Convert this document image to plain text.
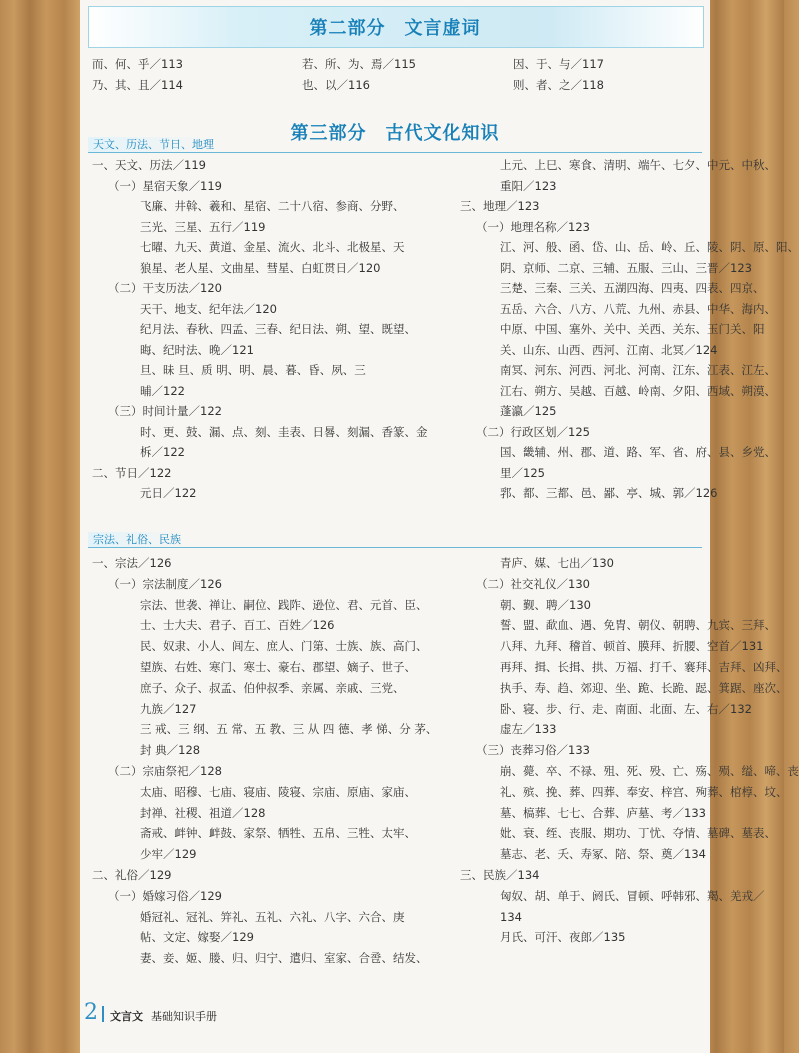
第二部分　文言虚词
而、何、乎／113	若、所、为、焉／115	因、于、与／117
乃、其、且／114	也、以／116	则、者、之／118
第三部分　古代文化知识
天文、历法、节日、地理
一、天文、历法／119
（一）星宿天象／119
飞廉、井斡、羲和、星宿、二十八宿、参商、分野、
三光、三星、五行／119
七曜、九天、黄道、金星、流火、北斗、北极星、天
狼星、老人星、文曲星、彗星、白虹贯日／120
（二）干支历法／120
天干、地支、纪年法／120
纪月法、春秋、四孟、三春、纪日法、朔、望、既望、
晦、纪时法、晚／121
旦、昧 旦、质 明、明、晨、暮、昏、夙、三
晡／122
（三）时间计量／122
时、更、鼓、漏、点、刻、圭表、日晷、刻漏、香篆、金
柝／122
二、节日／122
元日／122
上元、上巳、寒食、清明、端午、七夕、中元、中秋、
重阳／123
三、地理／123
（一）地理名称／123
江、河、般、函、岱、山、岳、岭、丘、陵、阴、原、阳、
阴、京师、二京、三辅、五服、三山、三晋／123
三楚、三秦、三关、五湖四海、四夷、四表、四京、
五岳、六合、八方、八荒、九州、赤县、中华、海内、
中原、中国、塞外、关中、关西、关东、玉门关、阳
关、山东、山西、西河、江南、北冥／124
南冥、河东、河西、河北、河南、江东、江表、江左、
江右、朔方、吴越、百越、岭南、夕阳、西域、朔漠、
蓬瀛／125
（二）行政区划／125
国、畿辅、州、郡、道、路、军、省、府、县、乡党、
里／125
郛、都、三都、邑、鄙、亭、城、郭／126
宗法、礼俗、民族
一、宗法／126
（一）宗法制度／126
宗法、世袭、禅让、嗣位、践阼、逊位、君、元首、臣、
士、士大夫、君子、百工、百姓／126
民、奴隶、小人、闾左、庶人、门第、士族、族、高门、
望族、右姓、寒门、寒士、豪右、郡望、嫡子、世子、
庶子、众子、叔孟、伯仲叔季、亲属、亲戚、三党、
九族／127
三 戒、三 纲、五 常、五 教、三 从 四 德、孝 悌、分 茅、
封 典／128
（二）宗庙祭祀／128
太庙、昭穆、七庙、寝庙、陵寝、宗庙、原庙、家庙、
封禅、社稷、祖道／128
斋戒、衅钟、衅鼓、家祭、牺牲、五帛、三牲、太牢、
少牢／129
二、礼俗／129
（一）婚嫁习俗／129
婚冠礼、冠礼、笄礼、五礼、六礼、八字、六合、庚
帖、文定、嫁娶／129
妻、妾、姬、媵、归、归宁、遣归、室家、合卺、结发、
青庐、媒、七出／130
（二）社交礼仪／130
朝、觐、聘／130
誓、盟、歃血、遇、免胄、朝仪、朝聘、九宾、三拜、
八拜、九拜、稽首、顿首、膜拜、折腰、空首／131
再拜、揖、长揖、拱、万福、打千、褰拜、吉拜、凶拜、
执手、寿、趋、郊迎、坐、跪、长跪、跽、箕踞、座次、
卧、寝、步、行、走、南面、北面、左、右／132
虚左／133
（三）丧葬习俗／133
崩、薨、卒、不禄、殂、死、殁、亡、殇、殒、缢、啼、丧
礼、殡、挽、葬、四葬、奉安、梓宫、殉葬、棺椁、坟、
墓、槁葬、七七、合葬、庐墓、考／133
妣、衰、绖、丧服、期功、丁忧、夺情、墓碑、墓表、
墓志、老、夭、寿冢、陪、祭、奠／134
三、民族／134
匈奴、胡、单于、阏氏、冒顿、呼韩邪、羯、羌戎／
134
月氏、可汗、夜郎／135
2 文言文 基础知识手册
